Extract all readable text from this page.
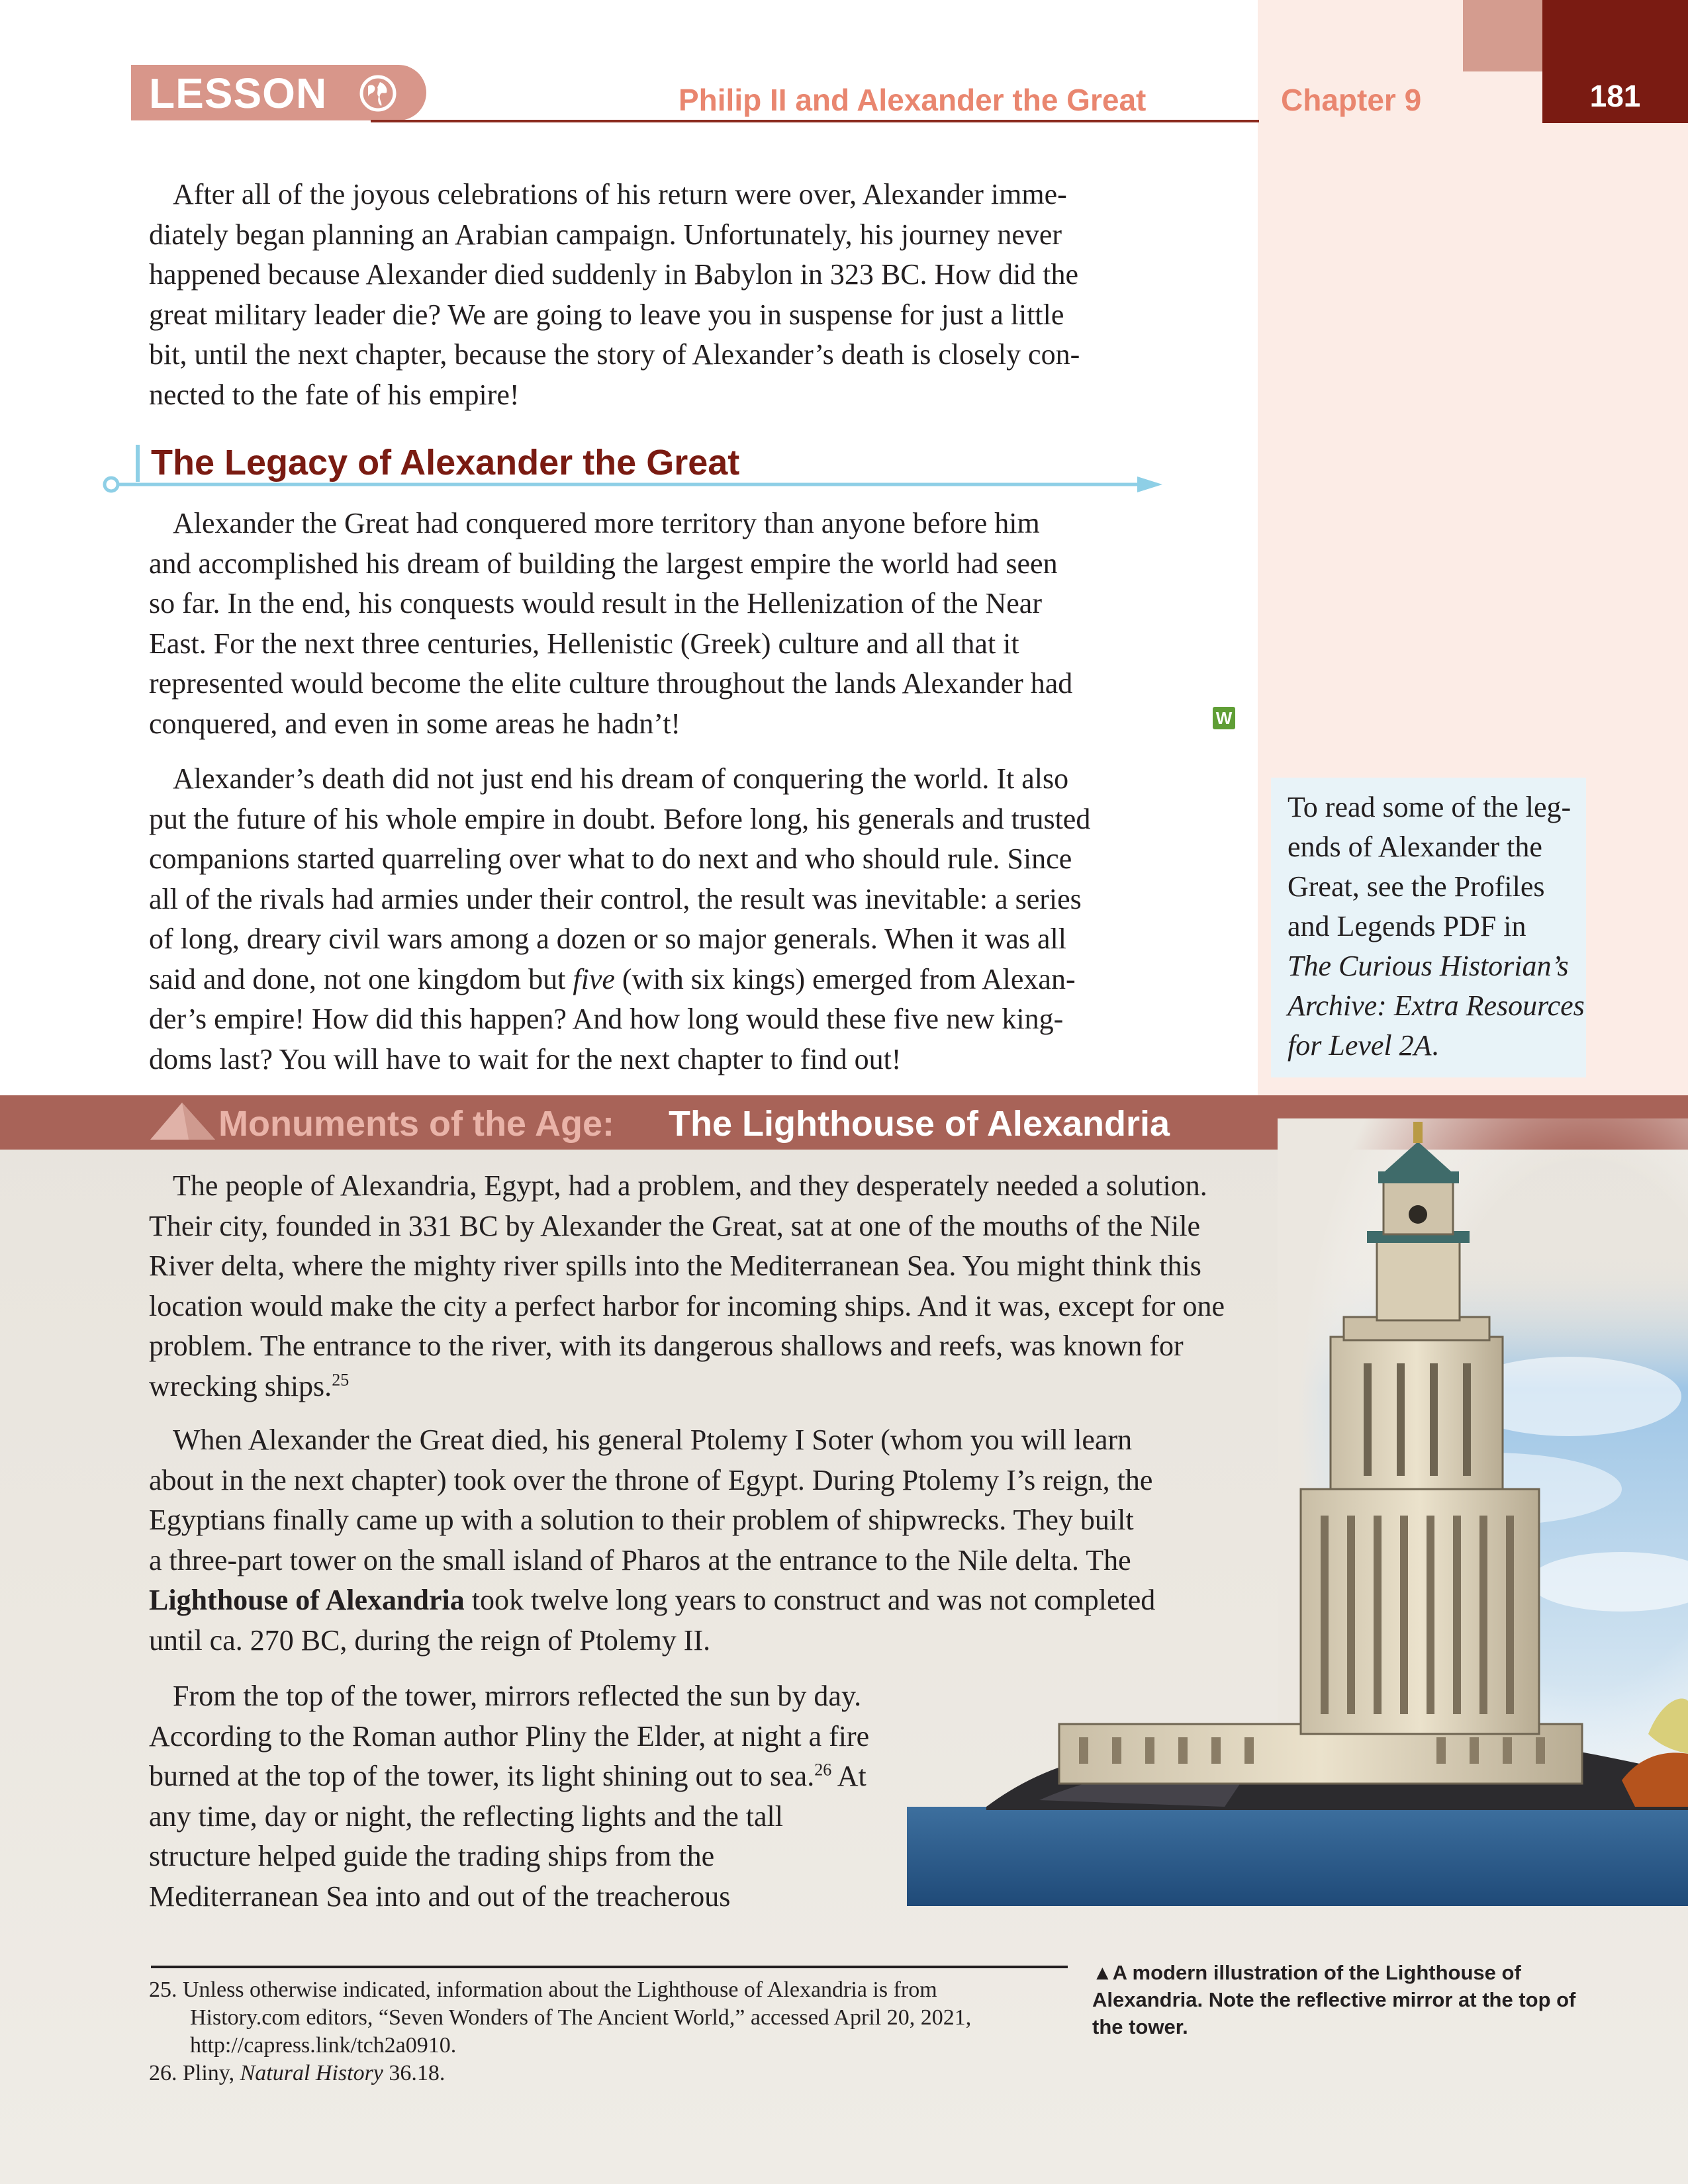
181
LESSON	Philip II and Alexander the Great	Chapter 9

After all of the joyous celebrations of his return were over, Alexander imme-
diately began planning an Arabian campaign. Unfortunately, his journey never
happened because Alexander died suddenly in Babylon in 323 BC. How did the
great military leader die? We are going to leave you in suspense for just a little
bit, until the next chapter, because the story of Alexander’s death is closely con-
nected to the fate of his empire!

The Legacy of Alexander the Great

Alexander the Great had conquered more territory than anyone before him
and accomplished his dream of building the largest empire the world had seen
so far. In the end, his conquests would result in the Hellenization of the Near
East. For the next three centuries, Hellenistic (Greek) culture and all that it
represented would become the elite culture throughout the lands Alexander had
conquered, and even in some areas he hadn’t!	W

Alexander’s death did not just end his dream of conquering the world. It also
put the future of his whole empire in doubt. Before long, his generals and trusted
companions started quarreling over what to do next and who should rule. Since
all of the rivals had armies under their control, the result was inevitable: a series
of long, dreary civil wars among a dozen or so major generals. When it was all
said and done, not one kingdom but five (with six kings) emerged from Alexan-
der’s empire! How did this happen? And how long would these five new king-
doms last? You will have to wait for the next chapter to find out!

To read some of the leg-
ends of Alexander the
Great, see the Profiles
and Legends PDF in
The Curious Historian’s
Archive: Extra Resources
for Level 2A.

Monuments of the Age: The Lighthouse of Alexandria

The people of Alexandria, Egypt, had a problem, and they desperately needed a solution.
Their city, founded in 331 BC by Alexander the Great, sat at one of the mouths of the Nile
River delta, where the mighty river spills into the Mediterranean Sea. You might think this
location would make the city a perfect harbor for incoming ships. And it was, except for one
problem. The entrance to the river, with its dangerous shallows and reefs, was known for
wrecking ships.$^{25}$

When Alexander the Great died, his general Ptolemy I Soter (whom you will learn
about in the next chapter) took over the throne of Egypt. During Ptolemy I’s reign, the
Egyptians finally came up with a solution to their problem of shipwrecks. They built
a three-part tower on the small island of Pharos at the entrance to the Nile delta. The
Lighthouse of Alexandria took twelve long years to construct and was not completed
until ca. 270 BC, during the reign of Ptolemy II.

From the top of the tower, mirrors reflected the sun by day.
According to the Roman author Pliny the Elder, at night a fire
burned at the top of the tower, its light shining out to sea.$^{26}$ At
any time, day or night, the reflecting lights and the tall
structure helped guide the trading ships from the
Mediterranean Sea into and out of the treacherous

25. Unless otherwise indicated, information about the Lighthouse of Alexandria is from
History.com editors, “Seven Wonders of The Ancient World,” accessed April 20, 2021,
http://capress.link/tch2a0910.
26. Pliny, Natural History 36.18.

▲A modern illustration of the Lighthouse of
Alexandria. Note the reflective mirror at the top of
the tower.
